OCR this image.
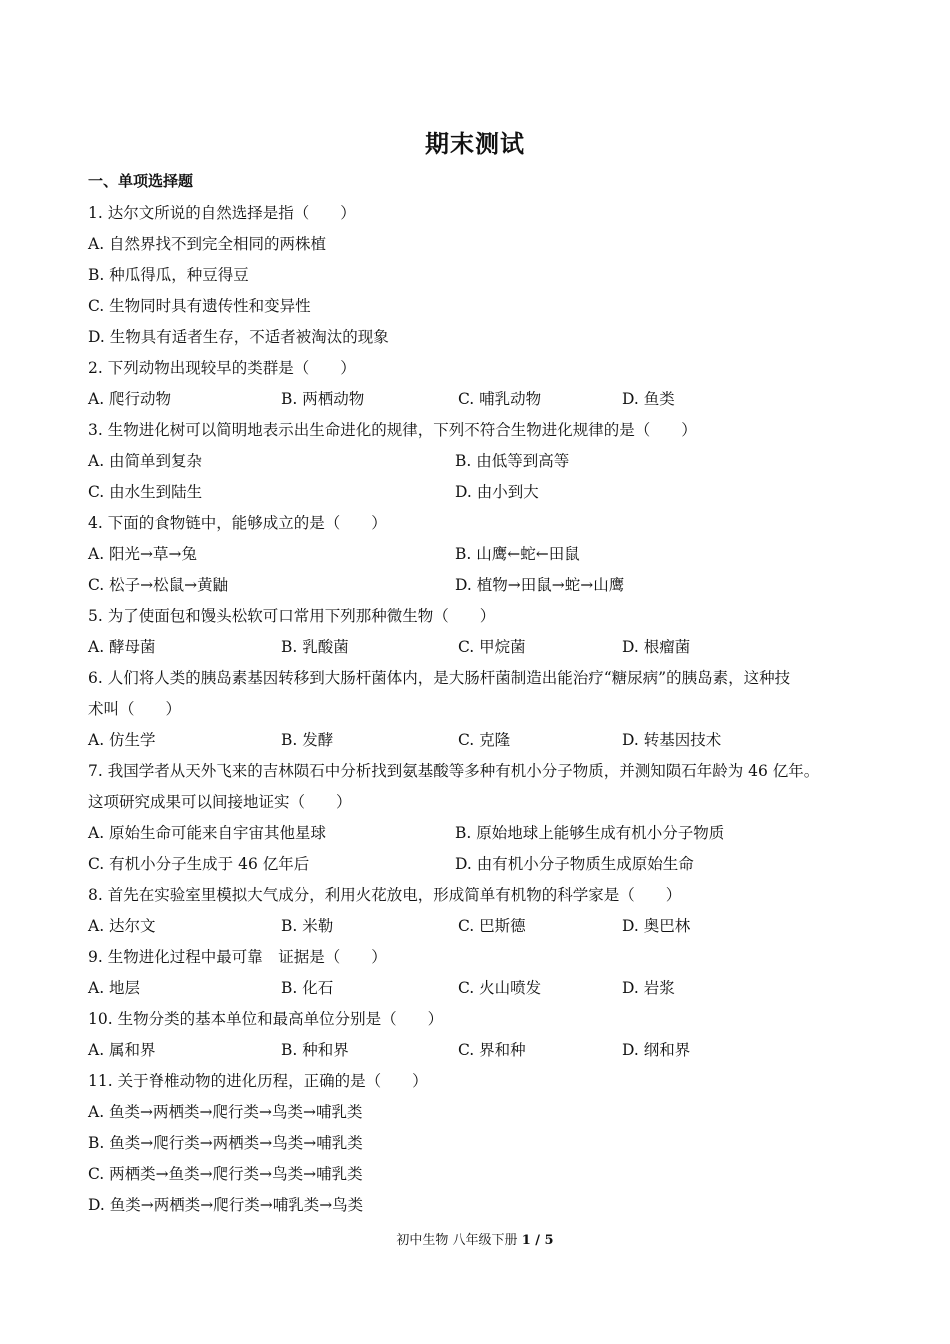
期末测试
一、单项选择题
1. 达尔文所说的自然选择是指（　　）
A. 自然界找不到完全相同的两株植
B. 种瓜得瓜，种豆得豆
C. 生物同时具有遗传性和变异性
D. 生物具有适者生存，不适者被淘汰的现象
2. 下列动物出现较早的类群是（　　）
A. 爬行动物	B. 两栖动物	C. 哺乳动物	D. 鱼类
3. 生物进化树可以简明地表示出生命进化的规律，下列不符合生物进化规律的是（　　）
A. 由简单到复杂	B. 由低等到高等
C. 由水生到陆生	D. 由小到大
4. 下面的食物链中，能够成立的是（　　）
A. 阳光→草→兔	B. 山鹰←蛇←田鼠
C. 松子→松鼠→黄鼬	D. 植物→田鼠→蛇→山鹰
5. 为了使面包和馒头松软可口常用下列那种微生物（　　）
A. 酵母菌	B. 乳酸菌	C. 甲烷菌	D. 根瘤菌
6. 人们将人类的胰岛素基因转移到大肠杆菌体内，是大肠杆菌制造出能治疗“糖尿病”的胰岛素，这种技
术叫（　　）
A. 仿生学	B. 发酵	C. 克隆	D. 转基因技术
7. 我国学者从天外飞来的吉林陨石中分析找到氨基酸等多种有机小分子物质，并测知陨石年龄为 46 亿年。
这项研究成果可以间接地证实（　　）
A. 原始生命可能来自宇宙其他星球	B. 原始地球上能够生成有机小分子物质
C. 有机小分子生成于 46 亿年后	D. 由有机小分子物质生成原始生命
8. 首先在实验室里模拟大气成分，利用火花放电，形成简单有机物的科学家是（　　）
A. 达尔文	B. 米勒	C. 巴斯德	D. 奥巴林
9. 生物进化过程中最可靠　证据是（　　）
A. 地层	B. 化石	C. 火山喷发	D. 岩浆
10. 生物分类的基本单位和最高单位分别是（　　）
A. 属和界	B. 种和界	C. 界和种	D. 纲和界
11. 关于脊椎动物的进化历程，正确的是（　　）
A. 鱼类→两栖类→爬行类→鸟类→哺乳类
B. 鱼类→爬行类→两栖类→鸟类→哺乳类
C. 两栖类→鱼类→爬行类→鸟类→哺乳类
D. 鱼类→两栖类→爬行类→哺乳类→鸟类
初中生物 八年级下册 1 / 5
